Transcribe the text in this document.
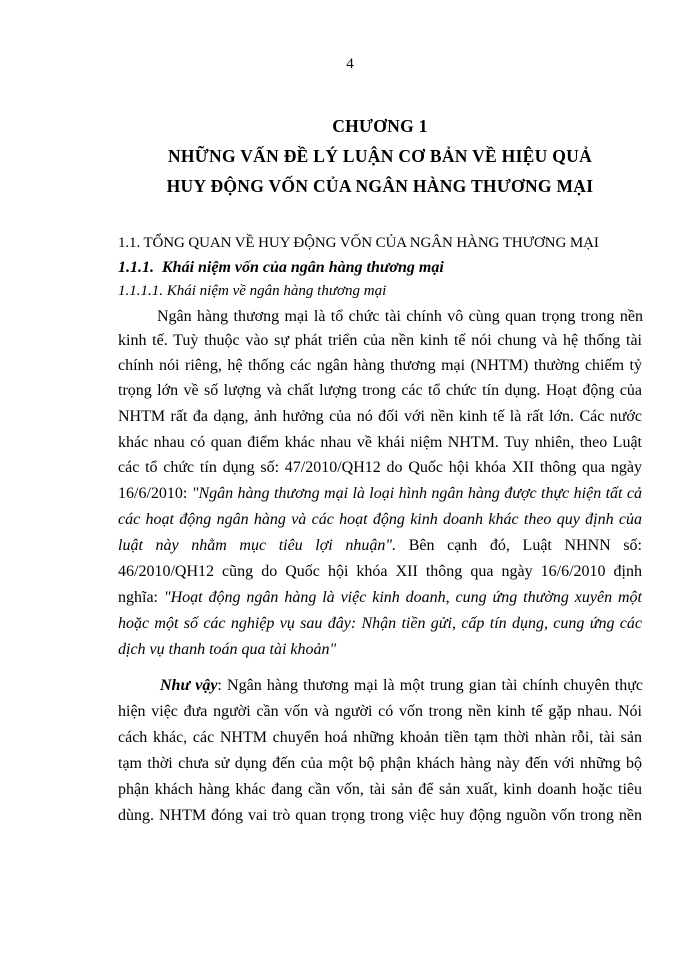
4
CHƯƠNG 1
NHỮNG VẤN ĐỀ LÝ LUẬN CƠ BẢN VỀ HIỆU QUẢ
HUY ĐỘNG VỐN CỦA NGÂN HÀNG THƯƠNG MẠI
1.1. TỔNG QUAN VỀ HUY ĐỘNG VỐN CỦA NGÂN HÀNG THƯƠNG MẠI
1.1.1. Khái niệm vốn của ngân hàng thương mại
1.1.1.1. Khái niệm về ngân hàng thương mại
Ngân hàng thương mại là tổ chức tài chính vô cùng quan trọng trong nền
kinh tế. Tuỳ thuộc vào sự phát triển của nền kinh tế nói chung và hệ thống tài
chính nói riêng, hệ thống các ngân hàng thương mại (NHTM) thường chiếm tỷ
trọng lớn về số lượng và chất lượng trong các tổ chức tín dụng. Hoạt động của
NHTM rất đa dạng, ảnh hưởng của nó đối với nền kinh tế là rất lớn. Các nước
khác nhau có quan điểm khác nhau về khái niệm NHTM. Tuy nhiên, theo Luật
các tổ chức tín dụng số: 47/2010/QH12 do Quốc hội khóa XII thông qua ngày
16/6/2010: "Ngân hàng thương mại là loại hình ngân hàng được thực hiện tất cả
các hoạt động ngân hàng và các hoạt động kinh doanh khác theo quy định của
luật này nhằm mục tiêu lợi nhuận". Bên cạnh đó, Luật NHNN số:
46/2010/QH12 cũng do Quốc hội khóa XII thông qua ngày 16/6/2010 định
nghĩa: "Hoạt động ngân hàng là việc kinh doanh, cung ứng thường xuyên một
hoặc một số các nghiệp vụ sau đây: Nhận tiền gửi, cấp tín dụng, cung ứng các
dịch vụ thanh toán qua tài khoản"
Như vậy: Ngân hàng thương mại là một trung gian tài chính chuyên thực
hiện việc đưa người cần vốn và người có vốn trong nền kinh tế gặp nhau. Nói
cách khác, các NHTM chuyển hoá những khoản tiền tạm thời nhàn rỗi, tài sản
tạm thời chưa sử dụng đến của một bộ phận khách hàng này đến với những bộ
phận khách hàng khác đang cần vốn, tài sản để sản xuất, kinh doanh hoặc tiêu
dùng. NHTM đóng vai trò quan trọng trong việc huy động nguồn vốn trong nền
